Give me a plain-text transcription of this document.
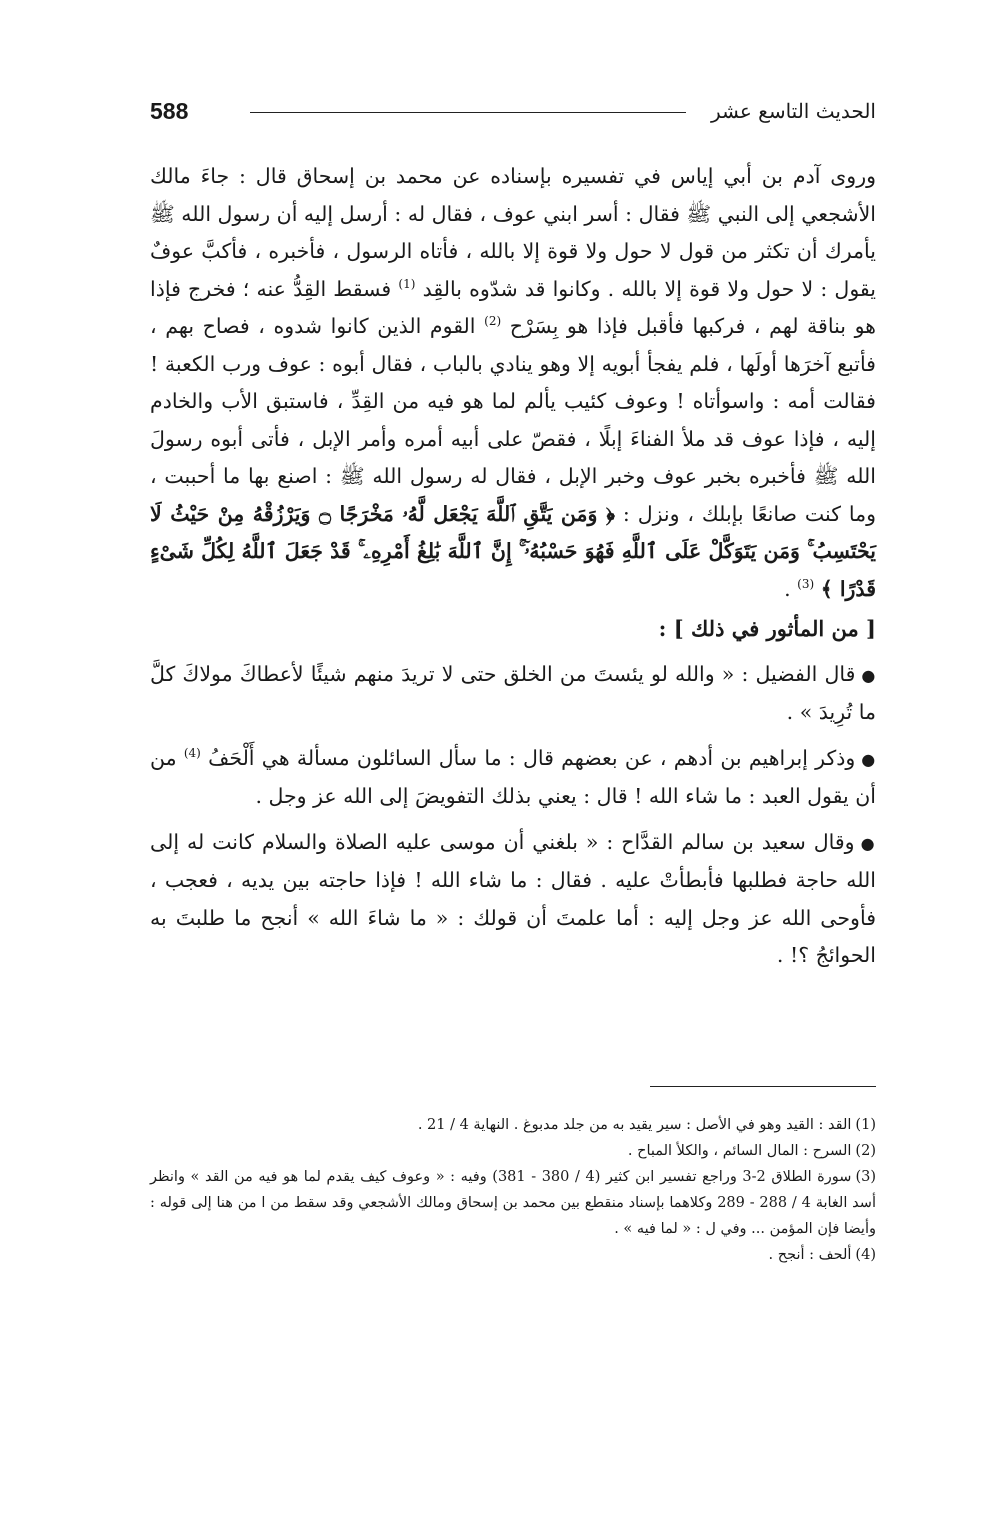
588	الحديث التاسع عشر

وروى آدم بن أبي إياس في تفسيره بإسناده عن محمد بن إسحاق قال : جاءَ مالك الأشجعي إلى النبي ﷺ فقال : أسر ابني عوف ، فقال له : أرسل إليه أن رسول الله ﷺ يأمرك أن تكثر من قول لا حول ولا قوة إلا بالله ، فأتاه الرسول ، فأخبره ، فأكبَّ عوفٌ يقول : لا حول ولا قوة إلا بالله . وكانوا قد شدّوه بالقِد $^{(1)}$ فسقط القِدُّ عنه ؛ فخرج فإذا هو بناقة لهم ، فركبها فأقبل فإذا هو بِسَرْح $^{(2)}$ القوم الذين كانوا شدوه ، فصاح بهم ، فأتبع آخرَها أولَها ، فلم يفجأ أبويه إلا وهو ينادي بالباب ، فقال أبوه : عوف ورب الكعبة ! فقالت أمه : واسوأتاه ! وعوف كئيب يألم لما هو فيه من القِدِّ ، فاستبق الأب والخادم إليه ، فإذا عوف قد ملأ الفناءَ إبلًا ، فقصّ على أبيه أمره وأمر الإبل ، فأتى أبوه رسولَ الله ﷺ فأخبره بخبر عوف وخبر الإبل ، فقال له رسول الله ﷺ : اصنع بها ما أحببت ، وما كنت صانعًا بإبلك ، ونزل : ﴿ وَمَن يَتَّقِ ٱللَّهَ يَجْعَل لَّهُۥ مَخْرَجًا ۝ وَيَرْزُقْهُ مِنْ حَيْثُ لَا يَحْتَسِبُ ۚ وَمَن يَتَوَكَّلْ عَلَى ٱللَّهِ فَهُوَ حَسْبُهُۥٓ ۚ إِنَّ ٱللَّهَ بَٰلِغُ أَمْرِهِۦ ۚ قَدْ جَعَلَ ٱللَّهُ لِكُلِّ شَىْءٍ قَدْرًا ﴾ $^{(3)}$ .

[ من المأثور في ذلك ] :

●قال الفضيل : « والله لو يئستَ من الخلق حتى لا تريدَ منهم شيئًا لأعطاكَ مولاكَ كلَّ ما تُرِيدَ » .

●وذكر إبراهيم بن أدهم ، عن بعضهم قال : ما سأل السائلون مسألة هي أَلْحَفُ $^{(4)}$ من أن يقول العبد : ما شاء الله ! قال : يعني بذلك التفويضَ إلى الله عز وجل .

●وقال سعيد بن سالم القدَّاح : « بلغني أن موسى عليه الصلاة والسلام كانت له إلى الله حاجة فطلبها فأبطأتْ عليه . فقال : ما شاء الله ! فإذا حاجته بين يديه ، فعجب ، فأوحى الله عز وجل إليه : أما علمتَ أن قولك : « ما شاءَ الله » أنجح ما طلبتَ به الحوائجُ ؟! .

(1)القد : القيد وهو في الأصل : سير يقيد به من جلد مدبوغ . النهاية 4 / 21 .

(2)السرح : المال السائم ، والكلأ المباح .

(3)سورة الطلاق 2-3 وراجع تفسير ابن كثير (4 / 380 - 381) وفيه : « وعوف كيف يقدم لما هو فيه من القد » وانظر أسد الغابة 4 / 288 - 289 وكلاهما بإسناد منقطع بين محمد بن إسحاق ومالك الأشجعي وقد سقط من ا من هنا إلى قوله : وأيضا فإن المؤمن ... وفي ل : « لما فيه » .

(4)ألحف : أنجح .
